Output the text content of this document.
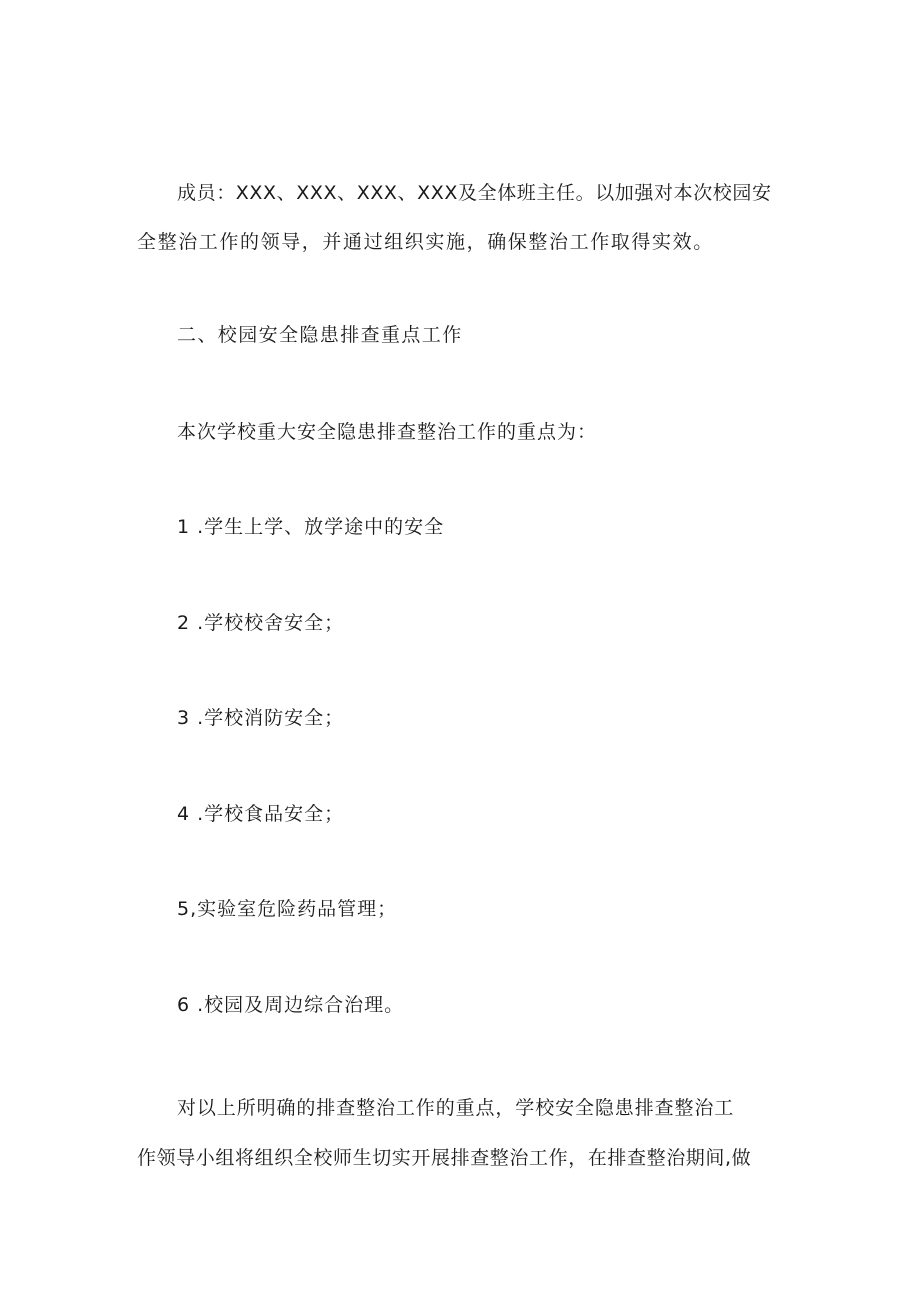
成员：XXX、XXX、XXX、XXX及全体班主任。以加强对本次校园安
全整治工作的领导，并通过组织实施，确保整治工作取得实效。
二、校园安全隐患排查重点工作
本次学校重大安全隐患排查整治工作的重点为：
1 .学生上学、放学途中的安全
2 .学校校舍安全；
3 .学校消防安全；
4 .学校食品安全；
5,实验室危险药品管理；
6 .校园及周边综合治理。
对以上所明确的排查整治工作的重点，学校安全隐患排查整治工
作领导小组将组织全校师生切实开展排查整治工作，在排查整治期间,做
